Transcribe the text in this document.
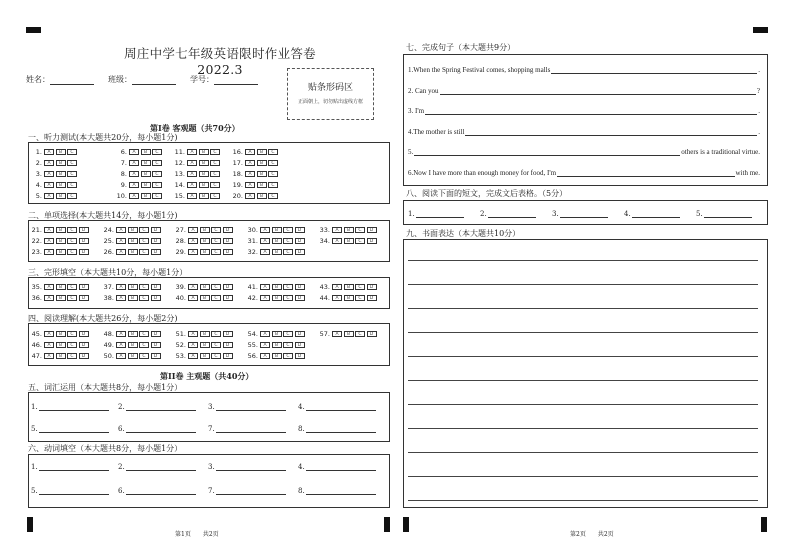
周庄中学七年级英语限时作业答卷 2022.3
姓名：	班级：	学号：
贴条形码区
正面朝上，切勿贴出虚线方框
第I卷 客观题（共70分）
一、听力测试(本大题共20分，每小题1分)
二、单项选择(本大题共14分，每小题1分)
三、完形填空（本大题共10分，每小题1分）
四、阅读理解(本大题共26分，每小题2分)
第II卷 主观题（共40分）
五、词汇运用（本大题共8分，每小题1分）
六、动词填空（本大题共8分，每小题1分）
七、完成句子（本大题共9分）
八、阅读下面的短文，完成文后表格。（5分）
九、书面表达（本大题共10分）
第1页　　共2页	第2页　　共2页
1.	A	B	C
2.	A	B	C
3.	A	B	C
4.	A	B	C
5.	A	B	C
6.	A	B	C
7.	A	B	C
8.	A	B	C
9.	A	B	C
10.	A	B	C
11.	A	B	C
12.	A	B	C
13.	A	B	C
14.	A	B	C
15.	A	B	C
16.	A	B	C
17.	A	B	C
18.	A	B	C
19.	A	B	C
20.	A	B	C
21.	A	B	C	D
22.	A	B	C	D
23.	A	B	C	D
24.	A	B	C	D
25.	A	B	C	D
26.	A	B	C	D
27.	A	B	C	D
28.	A	B	C	D
29.	A	B	C	D
30.	A	B	C	D
31.	A	B	C	D
32.	A	B	C	D
33.	A	B	C	D
34.	A	B	C	D
35.	A	B	C	D
36.	A	B	C	D
37.	A	B	C	D
38.	A	B	C	D
39.	A	B	C	D
40.	A	B	C	D
41.	A	B	C	D
42.	A	B	C	D
43.	A	B	C	D
44.	A	B	C	D
45.	A	B	C	D
46.	A	B	C	D
47.	A	B	C	D
48.	A	B	C	D
49.	A	B	C	D
50.	A	B	C	D
51.	A	B	C	D
52.	A	B	C	D
53.	A	B	C	D
54.	A	B	C	D
55.	A	B	C	D
56.	A	B	C	D
57.	A	B	C	D
1.	2.	3.	4.
5.	6.	7.	8.
1.	2.	3.	4.
5.	6.	7.	8.
1.	2.	3.	4.	5.
1.When the Spring Festival comes, shopping malls	.
2. Can you	?
3. I'm	.
4.The mother is still	.
5.	others is a traditional virtue.
6.Now I have more than enough money for food, I'm	with me.
